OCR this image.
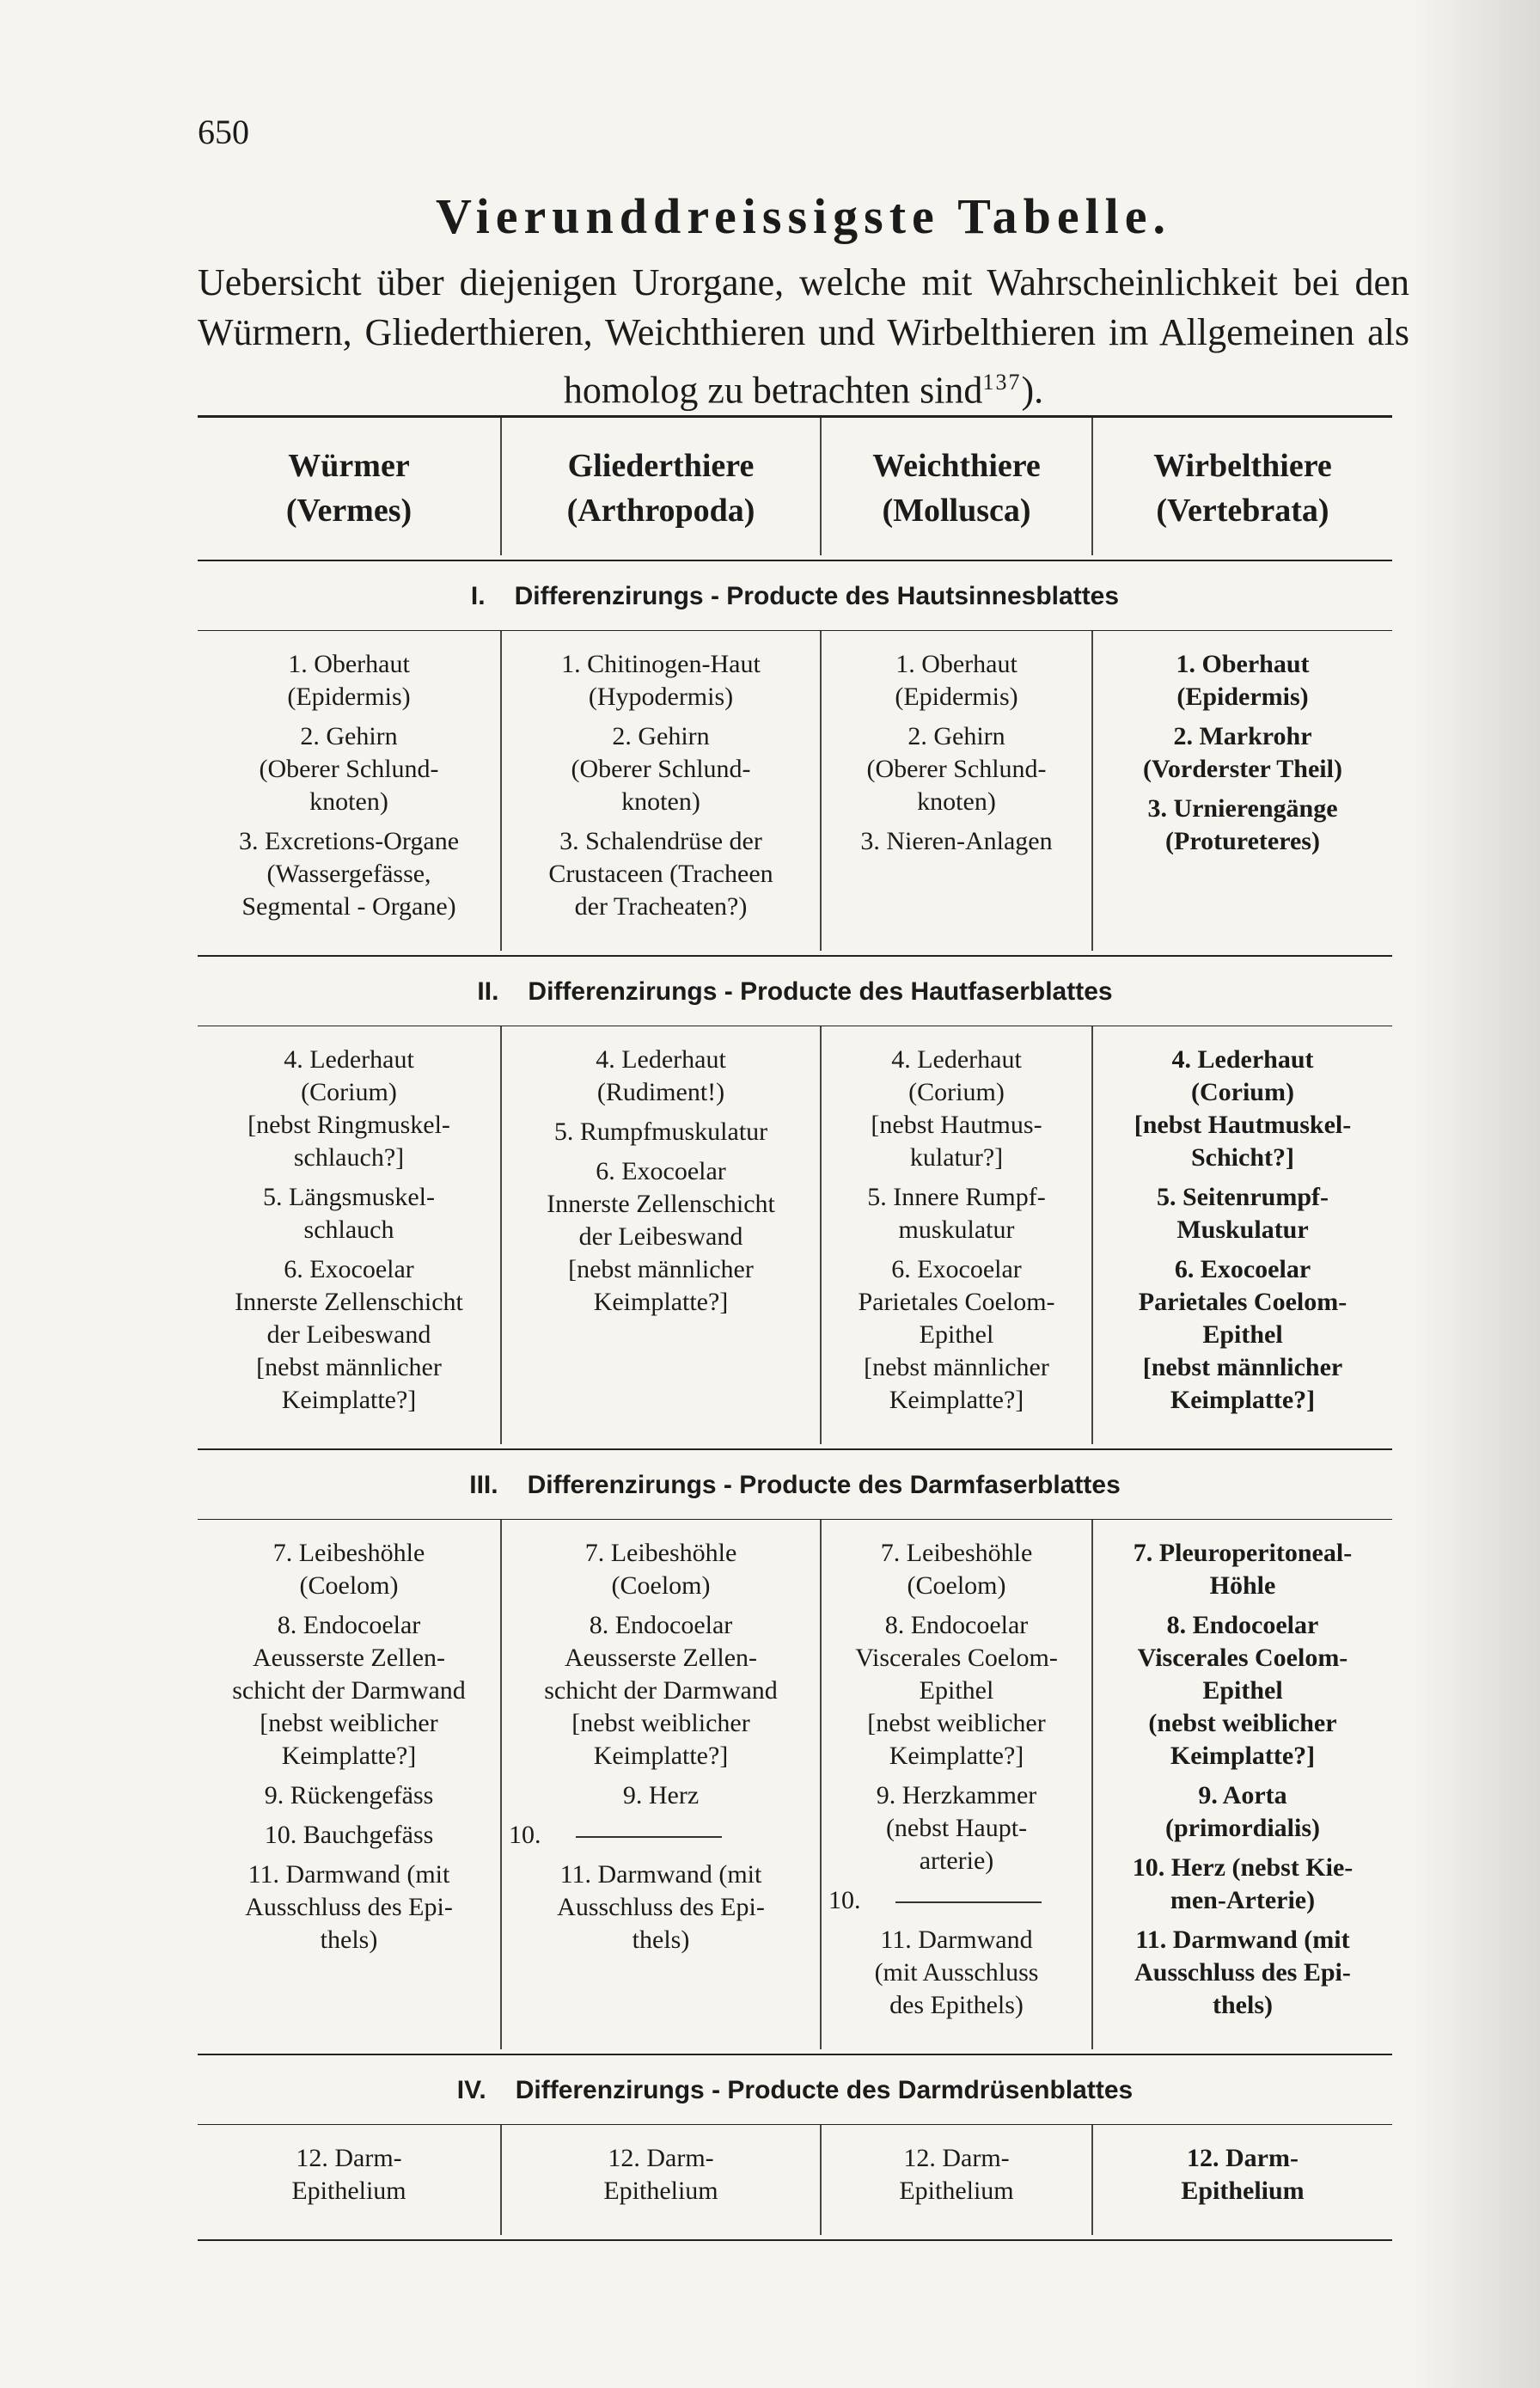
650
Vierunddreissigste Tabelle.
Uebersicht über diejenigen Urorgane, welche mit Wahrscheinlichkeit bei den Würmern, Gliederthieren, Weichthieren und Wirbelthieren im Allgemeinen als homolog zu betrachten sind$^{137}$).
Würmer
(Vermes)
Gliederthiere
(Arthropoda)
Weichthiere
(Mollusca)
Wirbelthiere
(Vertebrata)
I. Differenzirungs - Producte des Hautsinnesblattes
1. Oberhaut
(Epidermis)
2. Gehirn
(Oberer Schlund-
knoten)
3. Excretions-Organe
(Wassergefässe,
Segmental - Organe)
1. Chitinogen-Haut
(Hypodermis)
2. Gehirn
(Oberer Schlund-
knoten)
3. Schalendrüse der
Crustaceen (Tracheen
der Tracheaten?)
1. Oberhaut
(Epidermis)
2. Gehirn
(Oberer Schlund-
knoten)
3. Nieren-Anlagen
1. Oberhaut
(Epidermis)
2. Markrohr
(Vorderster Theil)
3. Urnierengänge
(Protureteres)
II. Differenzirungs - Producte des Hautfaserblattes
4. Lederhaut
(Corium)
[nebst Ringmuskel-
schlauch?]
5. Längsmuskel-
schlauch
6. Exocoelar
Innerste Zellenschicht
der Leibeswand
[nebst männlicher
Keimplatte?]
4. Lederhaut
(Rudiment!)
5. Rumpfmuskulatur
6. Exocoelar
Innerste Zellenschicht
der Leibeswand
[nebst männlicher
Keimplatte?]
4. Lederhaut
(Corium)
[nebst Hautmus-
kulatur?]
5. Innere Rumpf-
muskulatur
6. Exocoelar
Parietales Coelom-
Epithel
[nebst männlicher
Keimplatte?]
4. Lederhaut
(Corium)
[nebst Hautmuskel-
Schicht?]
5. Seitenrumpf-
Muskulatur
6. Exocoelar
Parietales Coelom-
Epithel
[nebst männlicher
Keimplatte?]
III. Differenzirungs - Producte des Darmfaserblattes
7. Leibeshöhle
(Coelom)
8. Endocoelar
Aeusserste Zellen-
schicht der Darmwand
[nebst weiblicher
Keimplatte?]
9. Rückengefäss
10. Bauchgefäss
11. Darmwand (mit
Ausschluss des Epi-
thels)
7. Leibeshöhle
(Coelom)
8. Endocoelar
Aeusserste Zellen-
schicht der Darmwand
[nebst weiblicher
Keimplatte?]
9. Herz
10.
11. Darmwand (mit
Ausschluss des Epi-
thels)
7. Leibeshöhle
(Coelom)
8. Endocoelar
Viscerales Coelom-
Epithel
[nebst weiblicher
Keimplatte?]
9. Herzkammer
(nebst Haupt-
arterie)
10.
11. Darmwand
(mit Ausschluss
des Epithels)
7. Pleuroperitoneal-
Höhle
8. Endocoelar
Viscerales Coelom-
Epithel
(nebst weiblicher
Keimplatte?]
9. Aorta
(primordialis)
10. Herz (nebst Kie-
men-Arterie)
11. Darmwand (mit
Ausschluss des Epi-
thels)
IV. Differenzirungs - Producte des Darmdrüsenblattes
12. Darm-
Epithelium
12. Darm-
Epithelium
12. Darm-
Epithelium
12. Darm-
Epithelium
